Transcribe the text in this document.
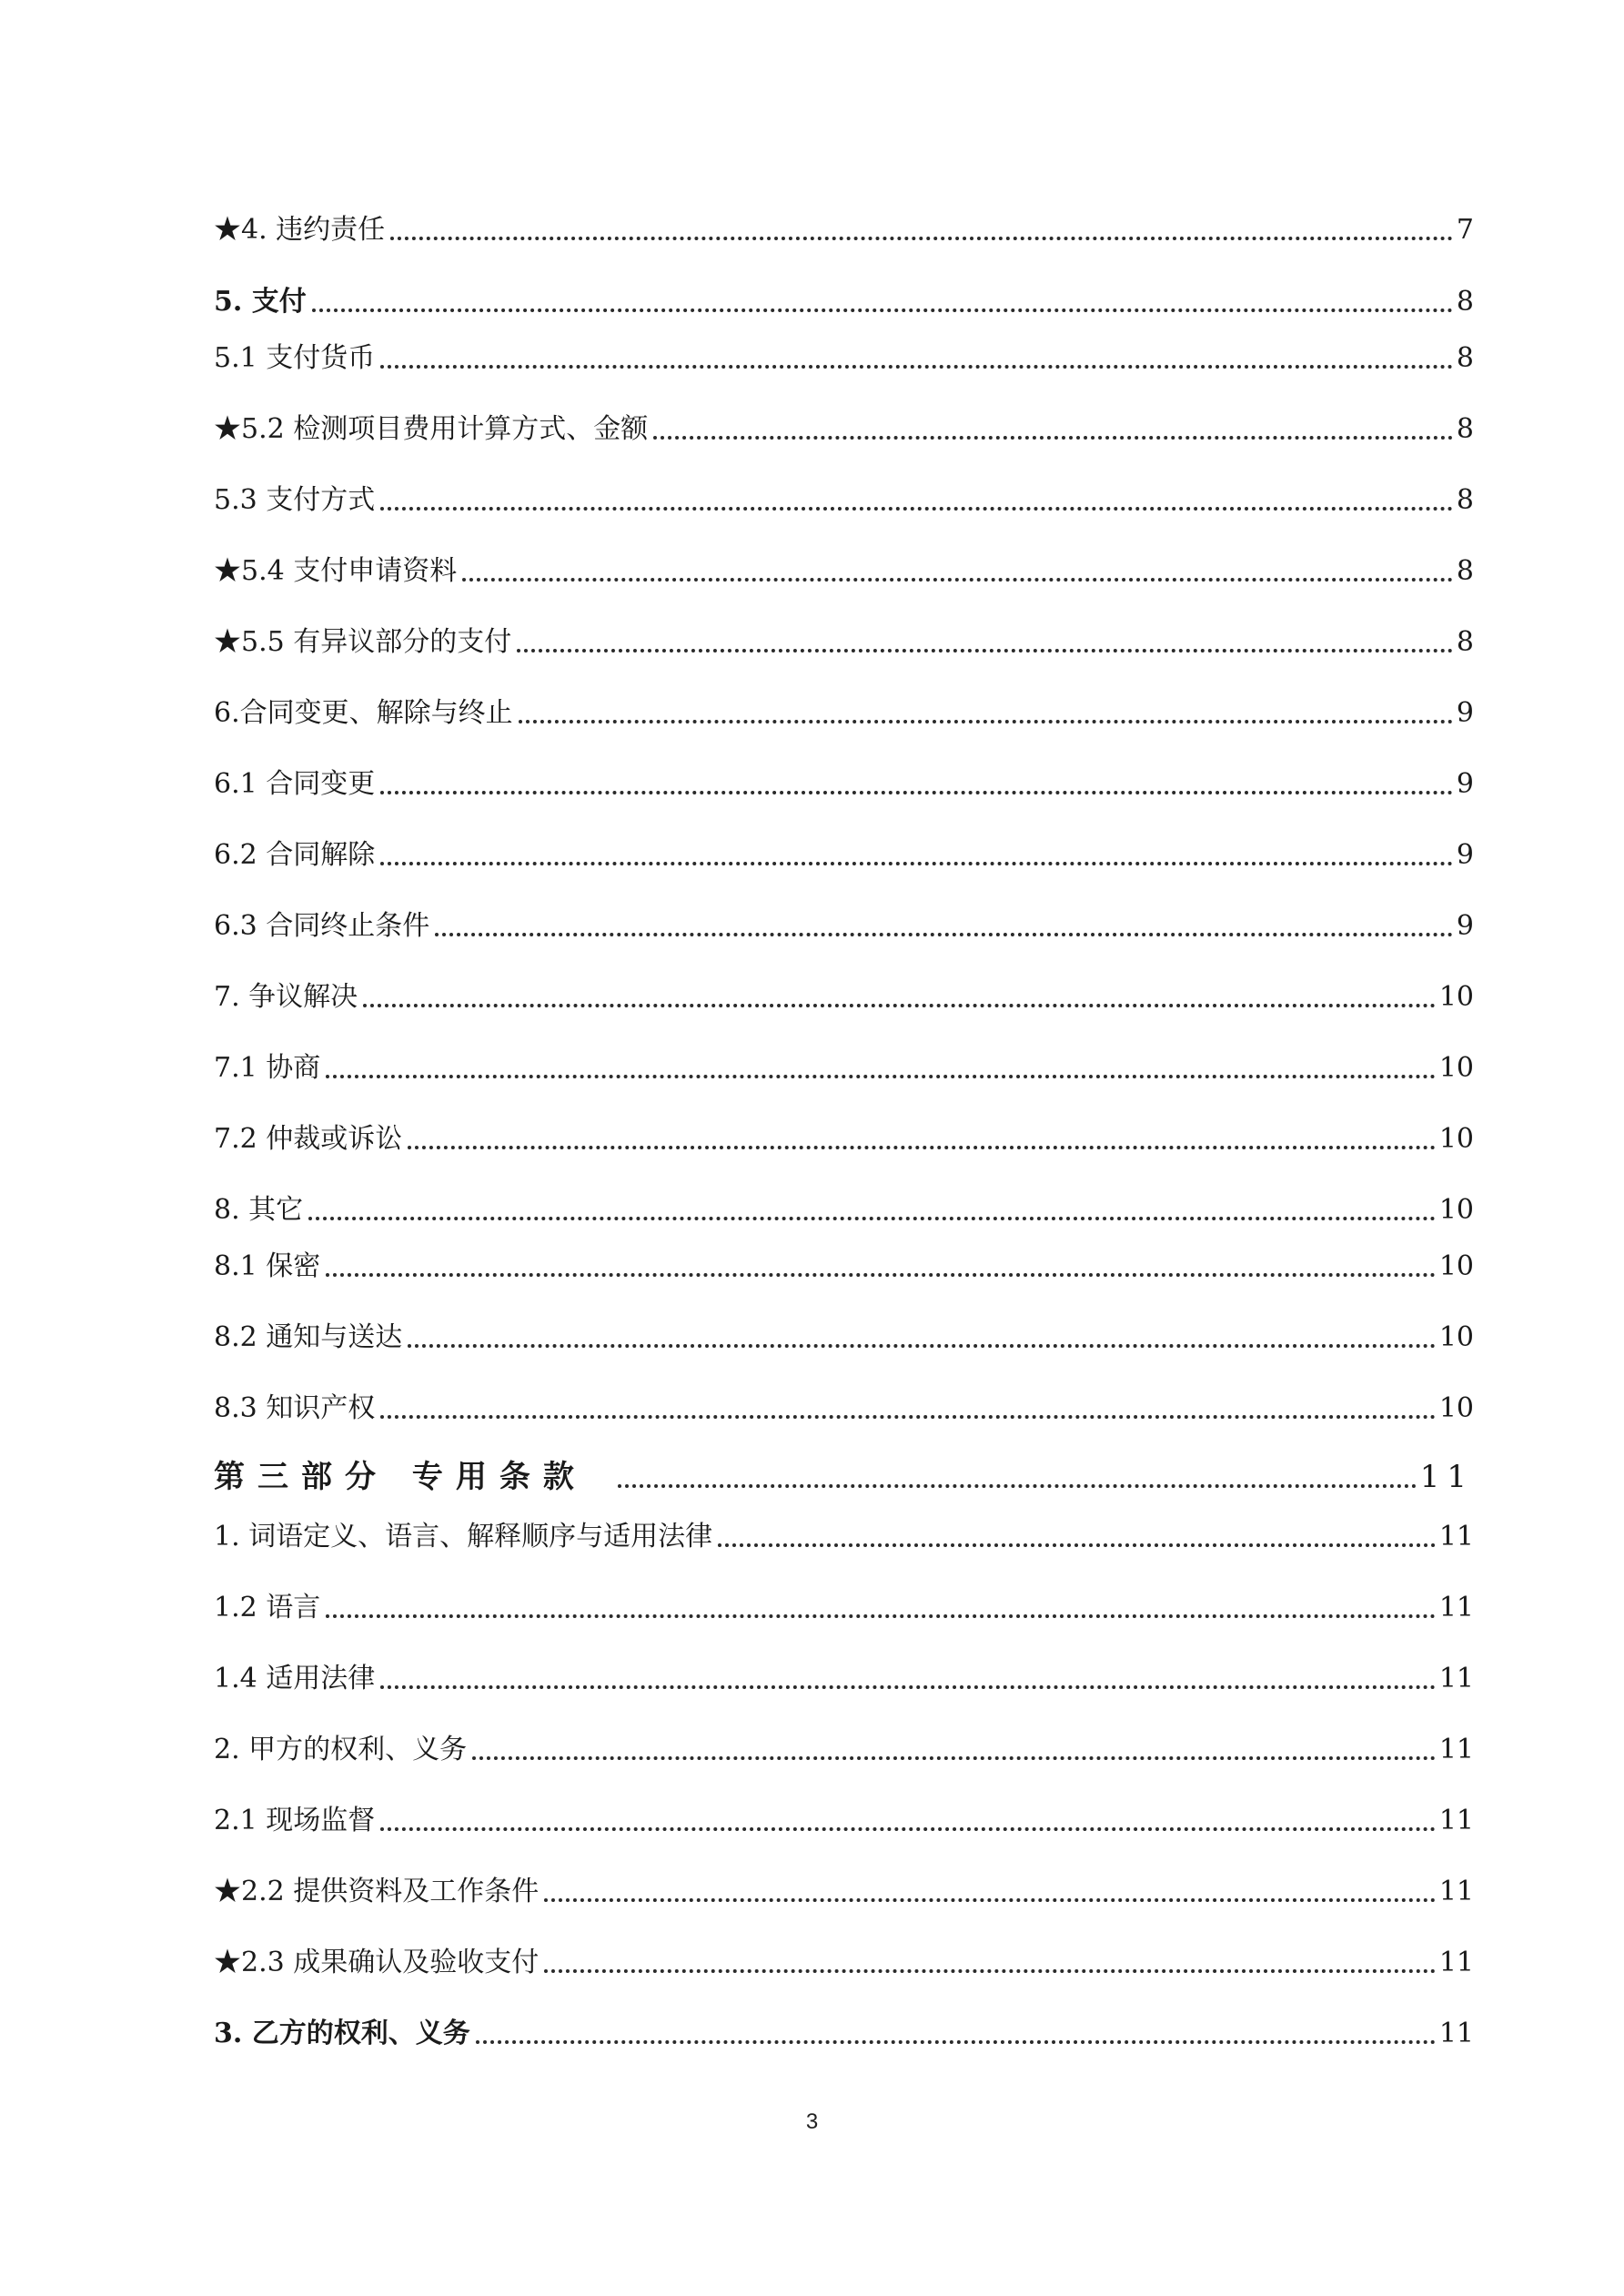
★4. 违约责任	7
5. 支付	8
5.1 支付货币	8
★5.2 检测项目费用计算方式、金额	8
5.3 支付方式	8
★5.4 支付申请资料	8
★5.5 有异议部分的支付	8
6.合同变更、解除与终止	9
6.1 合同变更	9
6.2 合同解除	9
6.3 合同终止条件	9
7. 争议解决	10
7.1 协商	10
7.2 仲裁或诉讼	10
8. 其它	10
8.1 保密	10
8.2 通知与送达	10
8.3 知识产权	10
第三部分 专用条款	11
1. 词语定义、语言、解释顺序与适用法律	11
1.2 语言	11
1.4 适用法律	11
2. 甲方的权利、义务	11
2.1 现场监督	11
★2.2 提供资料及工作条件	11
★2.3 成果确认及验收支付	11
3. 乙方的权利、义务	11
3
